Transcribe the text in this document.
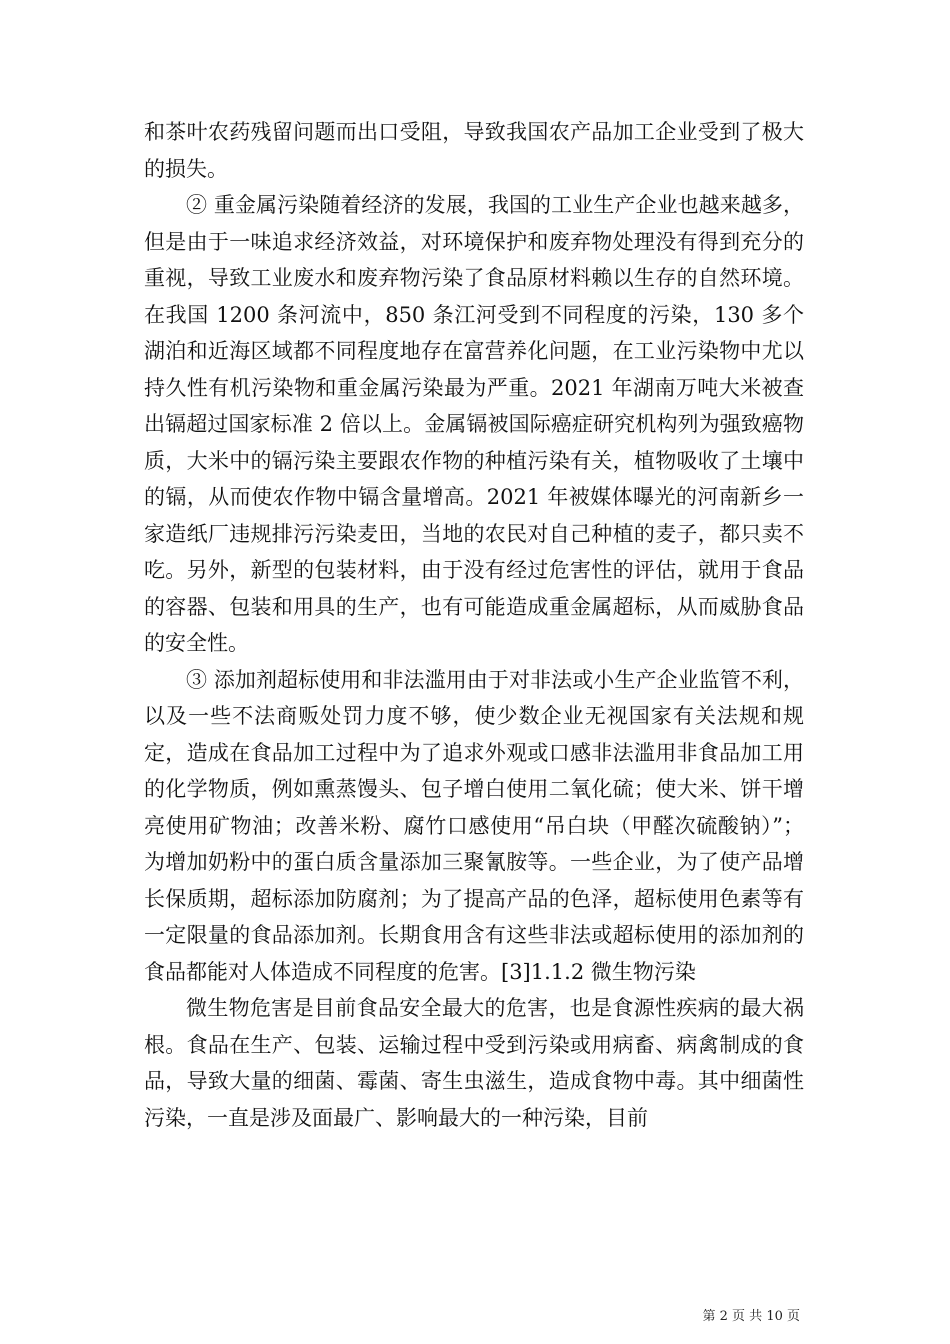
和茶叶农药残留问题而出口受阻，导致我国农产品加工企业受到了极大的损失。

② 重金属污染随着经济的发展，我国的工业生产企业也越来越多，但是由于一味追求经济效益，对环境保护和废弃物处理没有得到充分的重视，导致工业废水和废弃物污染了食品原材料赖以生存的自然环境。在我国 1200 条河流中，850 条江河受到不同程度的污染，130 多个湖泊和近海区域都不同程度地存在富营养化问题，在工业污染物中尤以持久性有机污染物和重金属污染最为严重。2021 年湖南万吨大米被查出镉超过国家标准 2 倍以上。金属镉被国际癌症研究机构列为强致癌物质，大米中的镉污染主要跟农作物的种植污染有关，植物吸收了土壤中的镉，从而使农作物中镉含量增高。2021 年被媒体曝光的河南新乡一家造纸厂违规排污污染麦田，当地的农民对自己种植的麦子，都只卖不吃。另外，新型的包装材料，由于没有经过危害性的评估，就用于食品的容器、包装和用具的生产，也有可能造成重金属超标，从而威胁食品的安全性。

③ 添加剂超标使用和非法滥用由于对非法或小生产企业监管不利，以及一些不法商贩处罚力度不够，使少数企业无视国家有关法规和规定，造成在食品加工过程中为了追求外观或口感非法滥用非食品加工用的化学物质，例如熏蒸馒头、包子增白使用二氧化硫；使大米、饼干增亮使用矿物油；改善米粉、腐竹口感使用“吊白块（甲醛次硫酸钠）”；为增加奶粉中的蛋白质含量添加三聚氰胺等。一些企业，为了使产品增长保质期，超标添加防腐剂；为了提高产品的色泽，超标使用色素等有一定限量的食品添加剂。长期食用含有这些非法或超标使用的添加剂的食品都能对人体造成不同程度的危害。[3]1.1.2 微生物污染

微生物危害是目前食品安全最大的危害，也是食源性疾病的最大祸根。食品在生产、包装、运输过程中受到污染或用病畜、病禽制成的食品，导致大量的细菌、霉菌、寄生虫滋生，造成食物中毒。其中细菌性污染，一直是涉及面最广、影响最大的一种污染，目前

第 2 页 共 10 页
